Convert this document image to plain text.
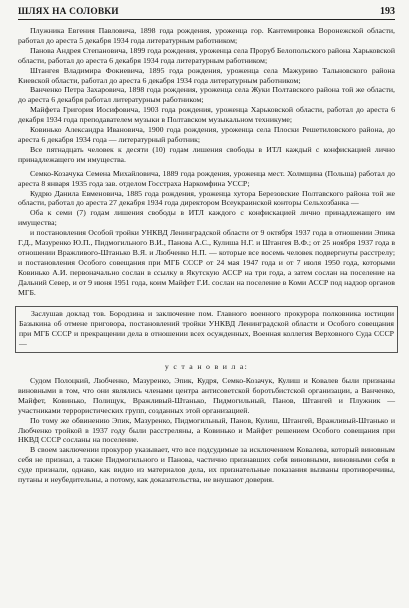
ШЛЯХ НА СОЛОВКИ	193

Плужника Евгения Павловича, 1898 года рождения, уроженца гор. Кантемировка Воронежской области, работал до ареста 5 декабря 1934 года литературным работником;

Панова Андрея Степановича, 1899 года рождения, уроженца села Проруб Белопольского района Харьковской области, работал до ареста 6 декабря 1934 года литературным работником;

Штангея Владимира Фокиевича, 1895 года рождения, уроженца села Мажуриво Тальновского района Киевской области, работал до ареста 6 декабря 1934 года литературным работником;

Ванченко Петра Захаровича, 1898 года рождения, уроженца села Жуки Полтавского района той же области, до ареста 6 декабря работал литературным работником;

Майфета Григория Иосифовича, 1903 года рождения, уроженца Харьковской области, работал до ареста 6 декабря 1934 года преподавателем музыки в Полтавском музыкальном техникуме;

Ковинько Александра Ивановича, 1900 года рождения, уроженца села Плоски Решетиловского района, до ареста 6 декабря 1934 года — литературный работник;

Все пятнадцать человек к десяти (10) годам лишения свободы в ИТЛ каждый с конфискацией лично принадлежащего им имущества.

Семко-Козачука Семена Михайловича, 1889 года рождения, уроженца мест. Холмщина (Польша) работал до ареста 8 января 1935 года зав. отделом Госстраха Наркомфина УССР;

Кудрю Данила Евменовича, 1885 года рождения, уроженца хутора Березовские Полтавского района той же области, работал до ареста 27 декабря 1934 года директором Всеукраинской конторы Сельхозбанка —

Оба к семи (7) годам лишения свободы в ИТЛ каждого с конфискацией лично принадлежащего им имущества;

и постановления Особой тройки УНКВД Ленинградской области от 9 октября 1937 года в отношении Эпика Г.Д., Мазуренко Ю.П., Пидмогильного В.И., Панова А.С., Кулиша Н.Г. и Штангея В.Ф.; от 25 ноября 1937 года в отношении Вражливого-Штанько В.Я. и Любченко Н.П. — которые все восемь человек подвергнуты расстрелу; и постановления Особого совещания при МГБ СССР от 24 мая 1947 года и от 7 июля 1950 года, которыми Ковинько А.И. первоначально сослан в ссылку в Якутскую АССР на три года, а затем сослан на поселение на Дальний Север, и от 9 июня 1951 года, коим Майфет Г.И. сослан на поселение в Коми АССР под надзор органов МГБ.

Заслушав доклад тов. Бородзина и заключение пом. Главного военного прокурора полковника юстиции Базыкина об отмене приговора, постановлений тройки УНКВД Ленинградской области и Особого совещания при МГБ СССР и прекращении дела в отношении всех осужденных, Военная коллегия Верховного Суда СССР —

у с т а н о в и л а:

Судом Полоцкий, Любченко, Мазуренко, Эпик, Кудря, Семко-Козачук, Кулиш и Ковалев были признаны виновными в том, что они являлись членами центра антисоветской боротьбистской организации, а Ванченко, Майфет, Ковинько, Полищук, Вражливый-Штанько, Пидмогильный, Панов, Штангей и Плужник — участниками террористических групп, созданных этой организацией.

По тому же обвинению Эпик, Мазуренко, Пидмогильный, Панов, Кулиш, Штангей, Вражливый-Штанько и Любченко тройкой в 1937 году были расстреляны, а Ковинько и Майфет решением Особого совещания при НКВД СССР сосланы на поселение.

В своем заключении прокурор указывает, что все подсудимые за исключением Ковалева, который виновным себя не признал, а также Пидмогильного и Панова, частично признавших себя виновными, виновными себя в суде признали, однако, как видно из материалов дела, их признательные показания вызваны противоречивы, путаны и неубедительны, а потому, как доказательства, не внушают доверия.
